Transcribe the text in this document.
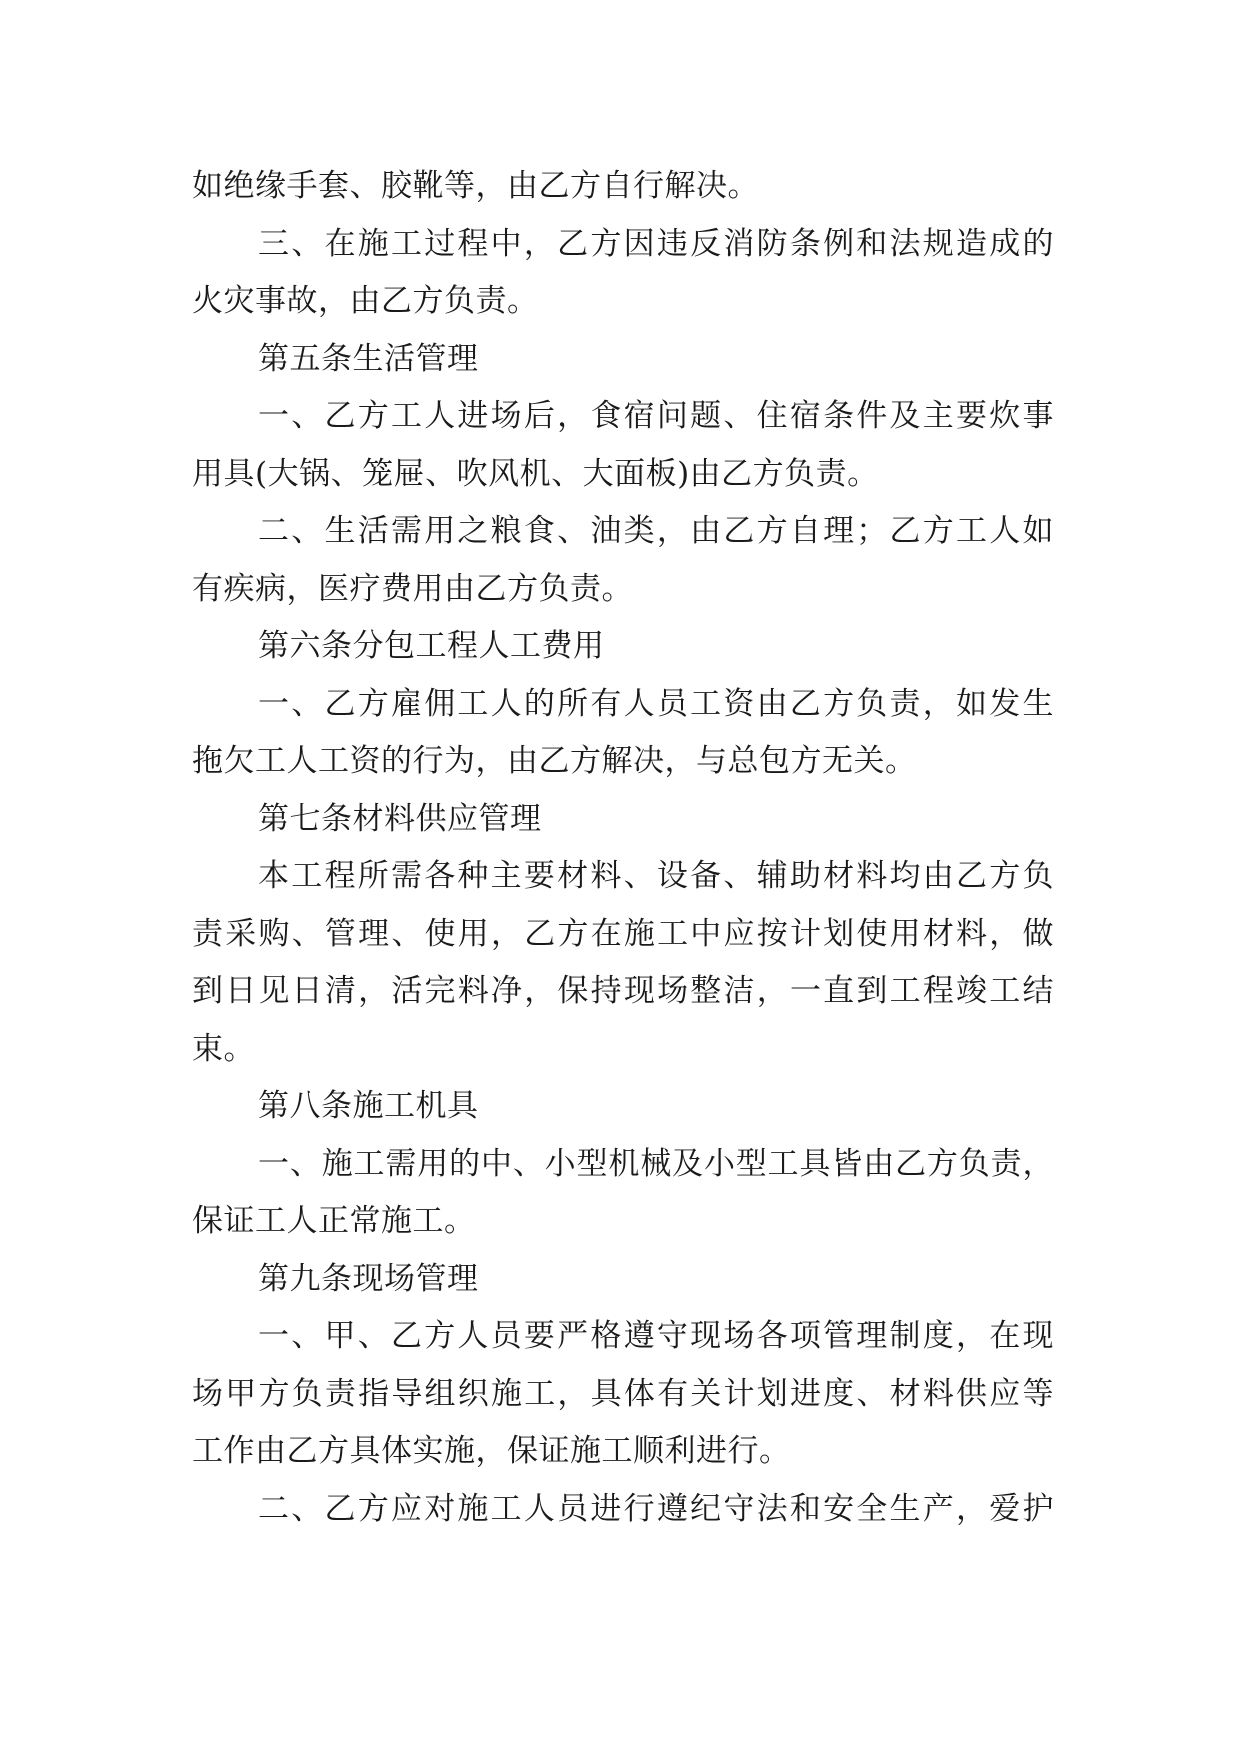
如绝缘手套、胶靴等，由乙方自行解决。
三、在施工过程中，乙方因违反消防条例和法规造成的
火灾事故，由乙方负责。
第五条生活管理
一、乙方工人进场后，食宿问题、住宿条件及主要炊事
用具(大锅、笼屉、吹风机、大面板)由乙方负责。
二、生活需用之粮食、油类，由乙方自理；乙方工人如
有疾病，医疗费用由乙方负责。
第六条分包工程人工费用
一、乙方雇佣工人的所有人员工资由乙方负责，如发生
拖欠工人工资的行为，由乙方解决，与总包方无关。
第七条材料供应管理
本工程所需各种主要材料、设备、辅助材料均由乙方负
责采购、管理、使用，乙方在施工中应按计划使用材料，做
到日见日清，活完料净，保持现场整洁，一直到工程竣工结
束。
第八条施工机具
一、施工需用的中、小型机械及小型工具皆由乙方负责，
保证工人正常施工。
第九条现场管理
一、甲、乙方人员要严格遵守现场各项管理制度，在现
场甲方负责指导组织施工，具体有关计划进度、材料供应等
工作由乙方具体实施，保证施工顺利进行。
二、乙方应对施工人员进行遵纪守法和安全生产，爱护
